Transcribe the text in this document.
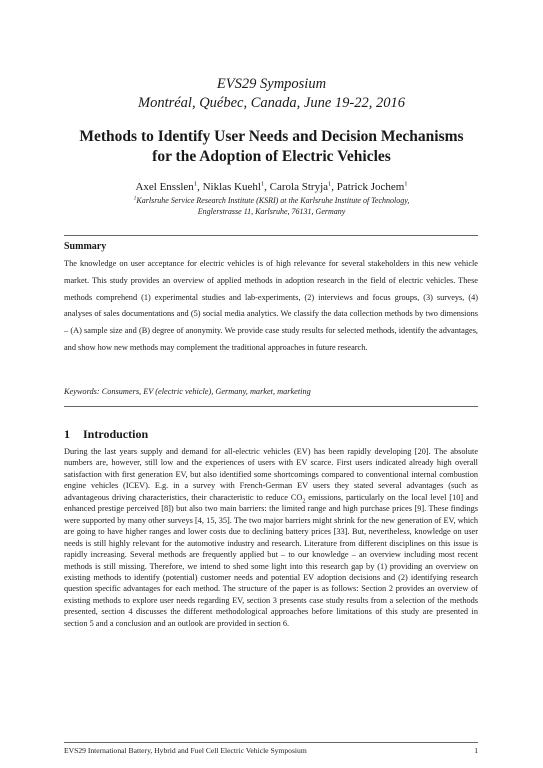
EVS29 Symposium
Montréal, Québec, Canada, June 19-22, 2016
Methods to Identify User Needs and Decision Mechanisms
for the Adoption of Electric Vehicles
Axel Ensslen$^1$, Niklas Kuehl$^1$, Carola Stryja$^1$, Patrick Jochem$^1$
$^1$Karlsruhe Service Research Institute (KSRI) at the Karlsruhe Institute of Technology,
Englerstrasse 11, Karlsruhe, 76131, Germany
Summary

The knowledge on user acceptance for electric vehicles is of high relevance for several stakeholders in this new vehicle market. This study provides an overview of applied methods in adoption research in the field of electric vehicles. These methods comprehend (1) experimental studies and lab-experiments, (2) interviews and focus groups, (3) surveys, (4) analyses of sales documentations and (5) social media analytics. We classify the data collection methods by two dimensions – (A) sample size and (B) degree of anonymity. We provide case study results for selected methods, identify the advantages, and show how new methods may complement the traditional approaches in future research.

Keywords: Consumers, EV (electric vehicle), Germany, market, marketing
1 Introduction

During the last years supply and demand for all-electric vehicles (EV) has been rapidly developing [20]. The absolute numbers are, however, still low and the experiences of users with EV scarce. First users indicated already high overall satisfaction with first generation EV, but also identified some shortcomings compared to conventional internal combustion engine vehicles (ICEV). E.g. in a survey with French-German EV users they stated several advantages (such as advantageous driving characteristics, their characteristic to reduce $CO_2$ emissions, particularly on the local level [10] and enhanced prestige perceived [8]) but also two main barriers: the limited range and high purchase prices [9]. These findings were supported by many other surveys [4, 15, 35]. The two major barriers might shrink for the new generation of EV, which are going to have higher ranges and lower costs due to declining battery prices [33]. But, nevertheless, knowledge on user needs is still highly relevant for the automotive industry and research. Literature from different disciplines on this issue is rapidly increasing. Several methods are frequently applied but – to our knowledge – an overview including most recent methods is still missing. Therefore, we intend to shed some light into this research gap by (1) providing an overview on existing methods to identify (potential) customer needs and potential EV adoption decisions and (2) identifying research question specific advantages for each method. The structure of the paper is as follows: Section 2 provides an overview of existing methods to explore user needs regarding EV, section 3 presents case study results from a selection of the methods presented, section 4 discusses the different methodological approaches before limitations of this study are presented in section 5 and a conclusion and an outlook are provided in section 6.

EVS29 International Battery, Hybrid and Fuel Cell Electric Vehicle Symposium	1
